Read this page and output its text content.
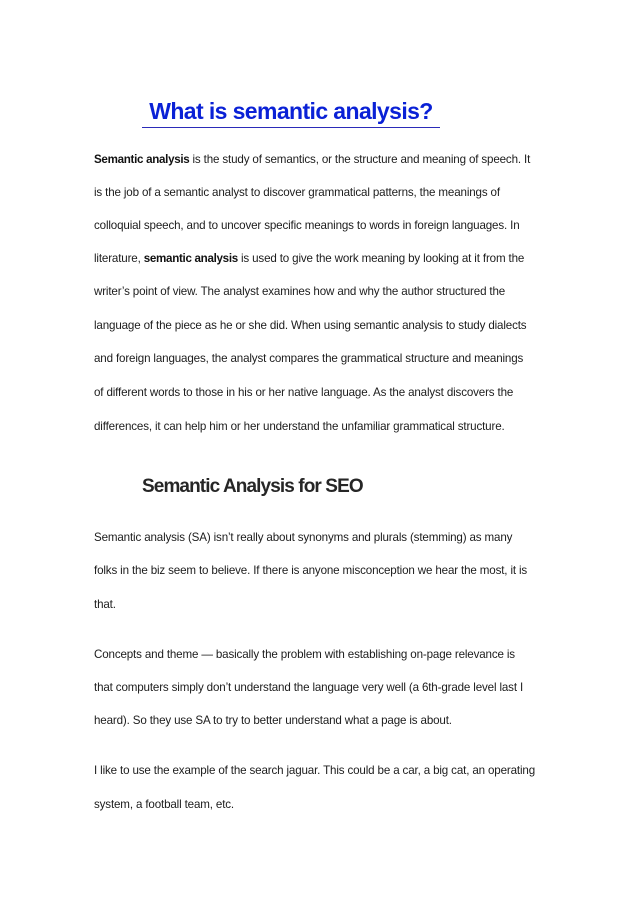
What is semantic analysis?
Semantic analysis is the study of semantics, or the structure and meaning of speech. It
is the job of a semantic analyst to discover grammatical patterns, the meanings of
colloquial speech, and to uncover specific meanings to words in foreign languages. In
literature, semantic analysis is used to give the work meaning by looking at it from the
writer’s point of view. The analyst examines how and why the author structured the
language of the piece as he or she did. When using semantic analysis to study dialects
and foreign languages, the analyst compares the grammatical structure and meanings
of different words to those in his or her native language. As the analyst discovers the
differences, it can help him or her understand the unfamiliar grammatical structure.
Semantic Analysis for SEO
Semantic analysis (SA) isn’t really about synonyms and plurals (stemming) as many
folks in the biz seem to believe. If there is anyone misconception we hear the most, it is
that.
Concepts and theme — basically the problem with establishing on-page relevance is
that computers simply don’t understand the language very well (a 6th-grade level last I
heard). So they use SA to try to better understand what a page is about.
I like to use the example of the search jaguar. This could be a car, a big cat, an operating
system, a football team, etc.
